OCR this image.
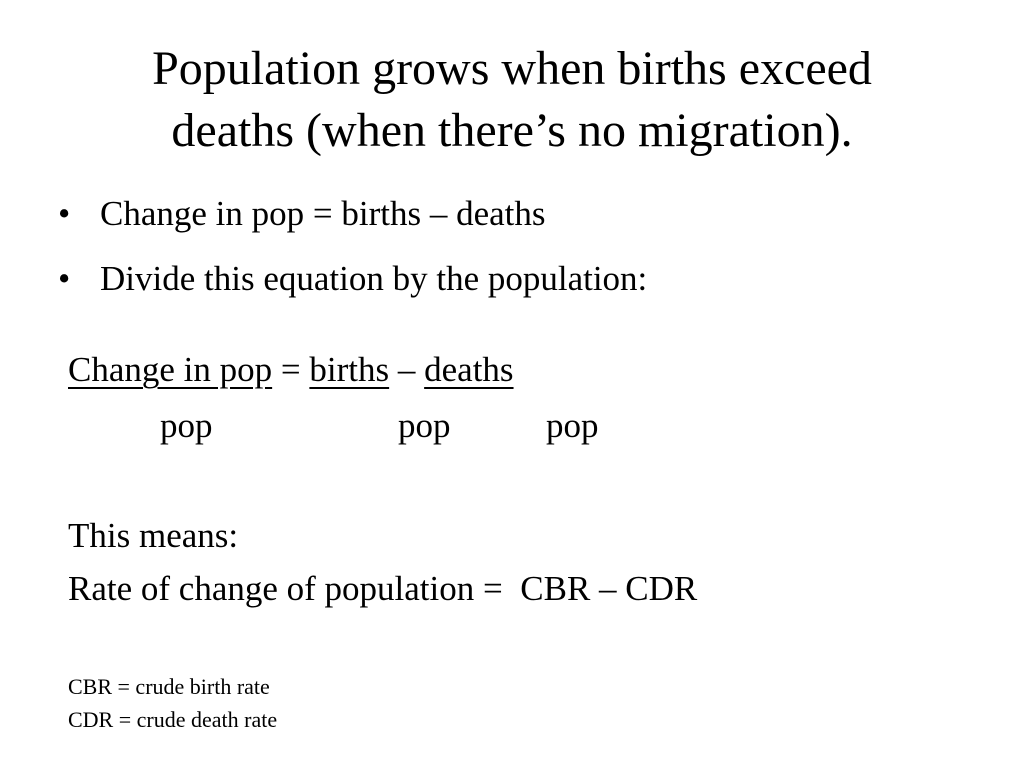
Population grows when births exceed
deaths (when there’s no migration).
• Change in pop = births – deaths
• Divide this equation by the population:
Change in pop = births – deaths
pop	pop	pop
This means:
Rate of change of population =  CBR – CDR
CBR = crude birth rate
CDR = crude death rate
